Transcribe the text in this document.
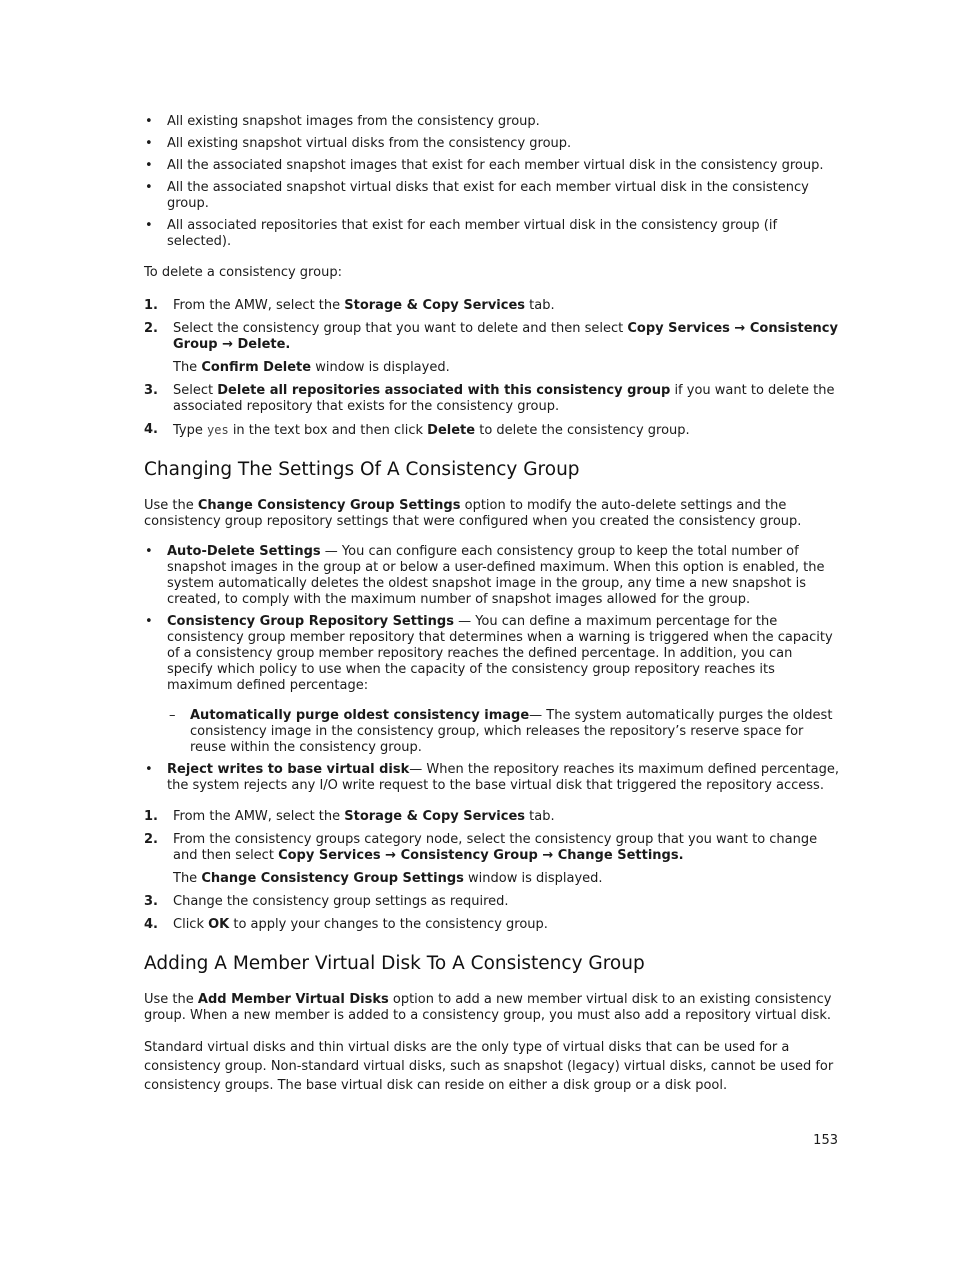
• All existing snapshot images from the consistency group.
• All existing snapshot virtual disks from the consistency group.
• All the associated snapshot images that exist for each member virtual disk in the consistency group.
• All the associated snapshot virtual disks that exist for each member virtual disk in the consistency group.
• All associated repositories that exist for each member virtual disk in the consistency group (if selected).

To delete a consistency group:

1. From the AMW, select the Storage & Copy Services tab.
2. Select the consistency group that you want to delete and then select Copy Services → Consistency Group → Delete.
The Confirm Delete window is displayed.
3. Select Delete all repositories associated with this consistency group if you want to delete the associated repository that exists for the consistency group.
4. Type yes in the text box and then click Delete to delete the consistency group.
Changing The Settings Of A Consistency Group

Use the Change Consistency Group Settings option to modify the auto-delete settings and the consistency group repository settings that were configured when you created the consistency group.

• Auto-Delete Settings — You can configure each consistency group to keep the total number of snapshot images in the group at or below a user-defined maximum. When this option is enabled, the system automatically deletes the oldest snapshot image in the group, any time a new snapshot is created, to comply with the maximum number of snapshot images allowed for the group.
• Consistency Group Repository Settings — You can define a maximum percentage for the consistency group member repository that determines when a warning is triggered when the capacity of a consistency group member repository reaches the defined percentage. In addition, you can specify which policy to use when the capacity of the consistency group repository reaches its maximum defined percentage:
– Automatically purge oldest consistency image— The system automatically purges the oldest consistency image in the consistency group, which releases the repository’s reserve space for reuse within the consistency group.
• Reject writes to base virtual disk— When the repository reaches its maximum defined percentage, the system rejects any I/O write request to the base virtual disk that triggered the repository access.
1. From the AMW, select the Storage & Copy Services tab.
2. From the consistency groups category node, select the consistency group that you want to change and then select Copy Services → Consistency Group → Change Settings.
The Change Consistency Group Settings window is displayed.
3. Change the consistency group settings as required.
4. Click OK to apply your changes to the consistency group.
Adding A Member Virtual Disk To A Consistency Group

Use the Add Member Virtual Disks option to add a new member virtual disk to an existing consistency group. When a new member is added to a consistency group, you must also add a repository virtual disk.

Standard virtual disks and thin virtual disks are the only type of virtual disks that can be used for a consistency group. Non-standard virtual disks, such as snapshot (legacy) virtual disks, cannot be used for consistency groups. The base virtual disk can reside on either a disk group or a disk pool.

153
